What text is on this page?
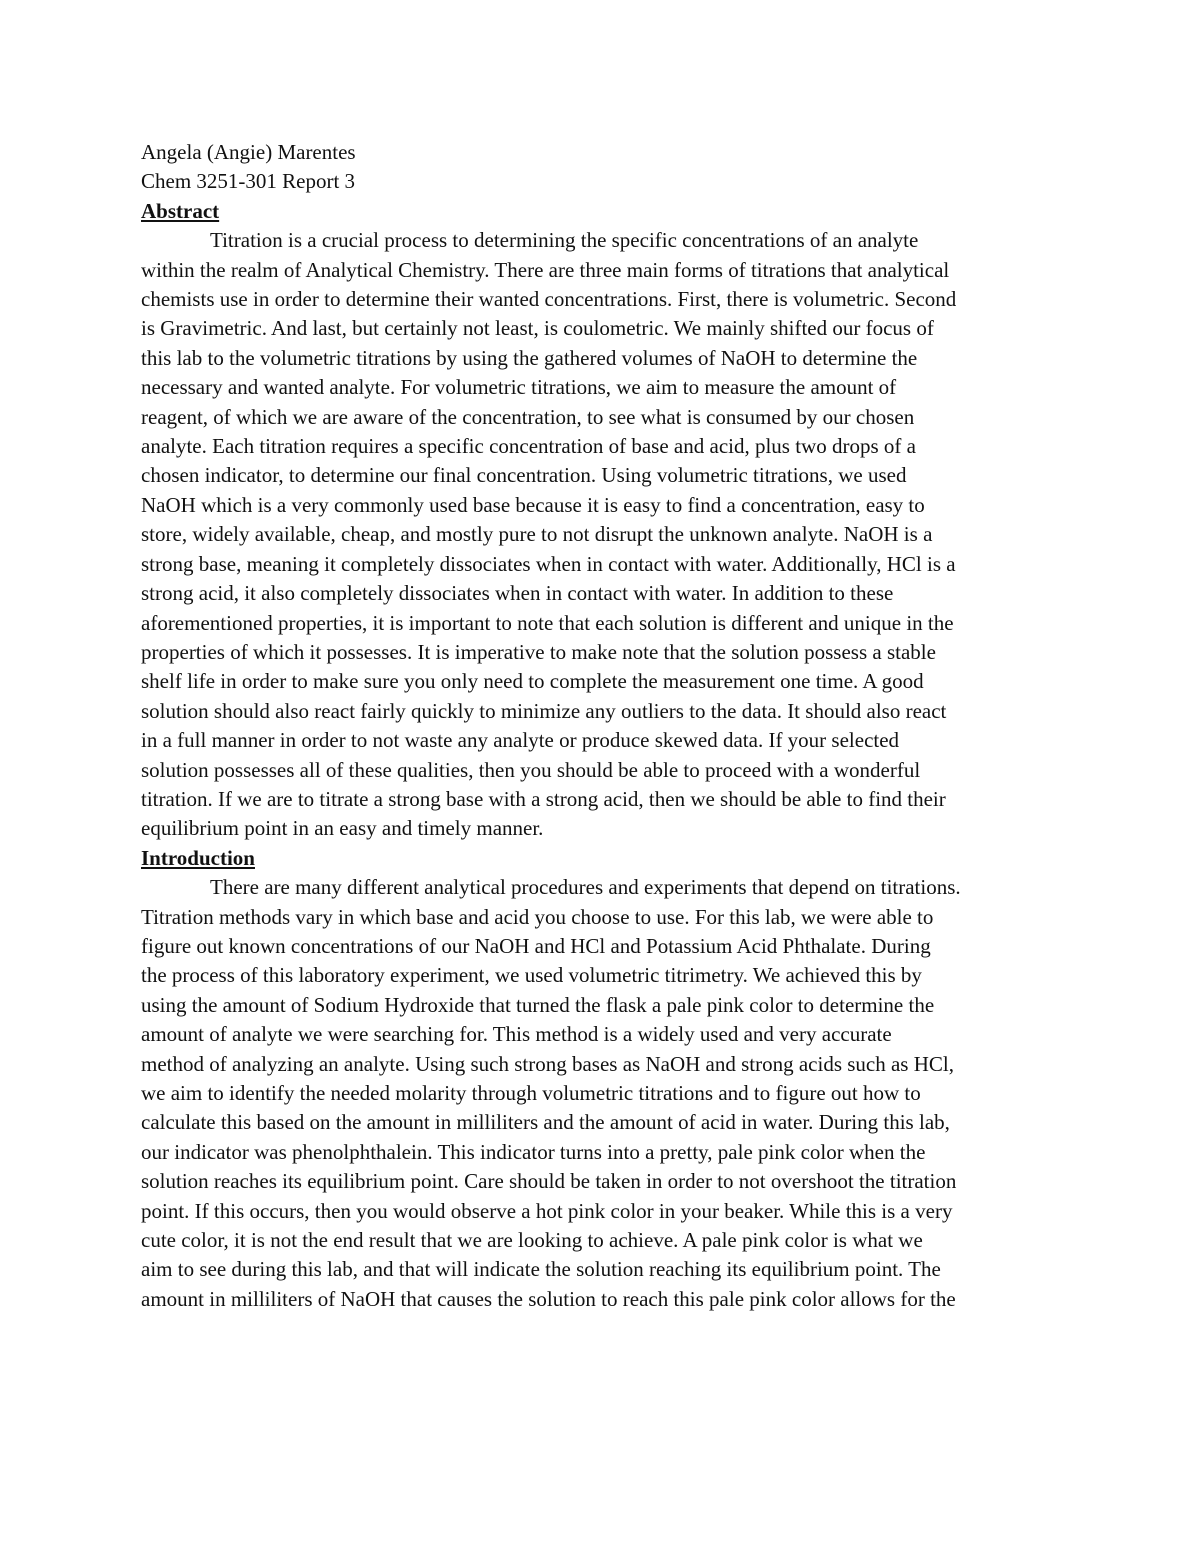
Angela (Angie) Marentes

Chem 3251-301 Report 3

Abstract

Titration is a crucial process to determining the specific concentrations of an analyte
within the realm of Analytical Chemistry. There are three main forms of titrations that analytical
chemists use in order to determine their wanted concentrations. First, there is volumetric. Second
is Gravimetric. And last, but certainly not least, is coulometric. We mainly shifted our focus of
this lab to the volumetric titrations by using the gathered volumes of NaOH to determine the
necessary and wanted analyte. For volumetric titrations, we aim to measure the amount of
reagent, of which we are aware of the concentration, to see what is consumed by our chosen
analyte. Each titration requires a specific concentration of base and acid, plus two drops of a
chosen indicator, to determine our final concentration. Using volumetric titrations, we used
NaOH which is a very commonly used base because it is easy to find a concentration, easy to
store, widely available, cheap, and mostly pure to not disrupt the unknown analyte. NaOH is a
strong base, meaning it completely dissociates when in contact with water. Additionally, HCl is a
strong acid, it also completely dissociates when in contact with water. In addition to these
aforementioned properties, it is important to note that each solution is different and unique in the
properties of which it possesses. It is imperative to make note that the solution possess a stable
shelf life in order to make sure you only need to complete the measurement one time. A good
solution should also react fairly quickly to minimize any outliers to the data. It should also react
in a full manner in order to not waste any analyte or produce skewed data. If your selected
solution possesses all of these qualities, then you should be able to proceed with a wonderful
titration. If we are to titrate a strong base with a strong acid, then we should be able to find their
equilibrium point in an easy and timely manner.

Introduction

There are many different analytical procedures and experiments that depend on titrations.
Titration methods vary in which base and acid you choose to use. For this lab, we were able to
figure out known concentrations of our NaOH and HCl and Potassium Acid Phthalate. During
the process of this laboratory experiment, we used volumetric titrimetry. We achieved this by
using the amount of Sodium Hydroxide that turned the flask a pale pink color to determine the
amount of analyte we were searching for. This method is a widely used and very accurate
method of analyzing an analyte. Using such strong bases as NaOH and strong acids such as HCl,
we aim to identify the needed molarity through volumetric titrations and to figure out how to
calculate this based on the amount in milliliters and the amount of acid in water. During this lab,
our indicator was phenolphthalein. This indicator turns into a pretty, pale pink color when the
solution reaches its equilibrium point. Care should be taken in order to not overshoot the titration
point. If this occurs, then you would observe a hot pink color in your beaker. While this is a very
cute color, it is not the end result that we are looking to achieve. A pale pink color is what we
aim to see during this lab, and that will indicate the solution reaching its equilibrium point. The
amount in milliliters of NaOH that causes the solution to reach this pale pink color allows for the
